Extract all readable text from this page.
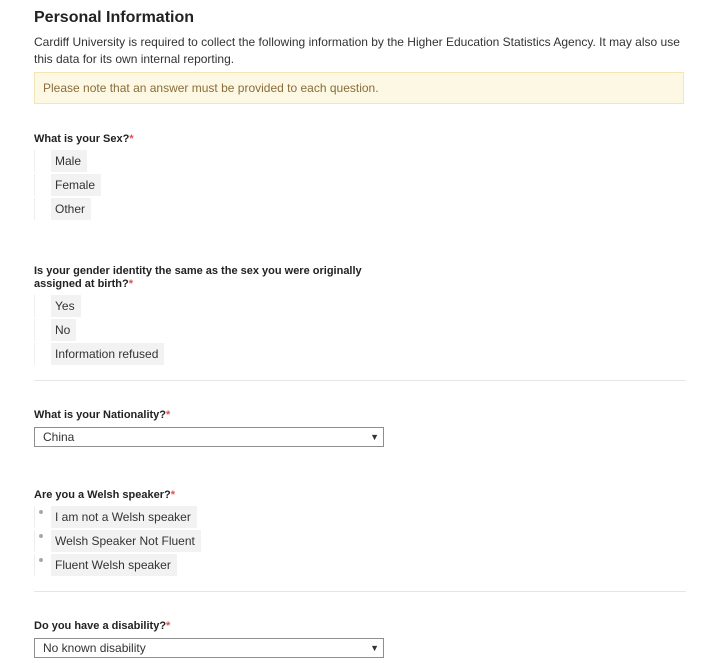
Personal Information
Cardiff University is required to collect the following information by the Higher Education Statistics Agency. It may also use this data for its own internal reporting.
Please note that an answer must be provided to each question.
What is your Sex?*
Male
Female
Other
Is your gender identity the same as the sex you were originally
assigned at birth?*
Yes
No
Information refused
What is your Nationality?*
China	▼
Are you a Welsh speaker?*
I am not a Welsh speaker
Welsh Speaker Not Fluent
Fluent Welsh speaker
Do you have a disability?*
No known disability	▼
